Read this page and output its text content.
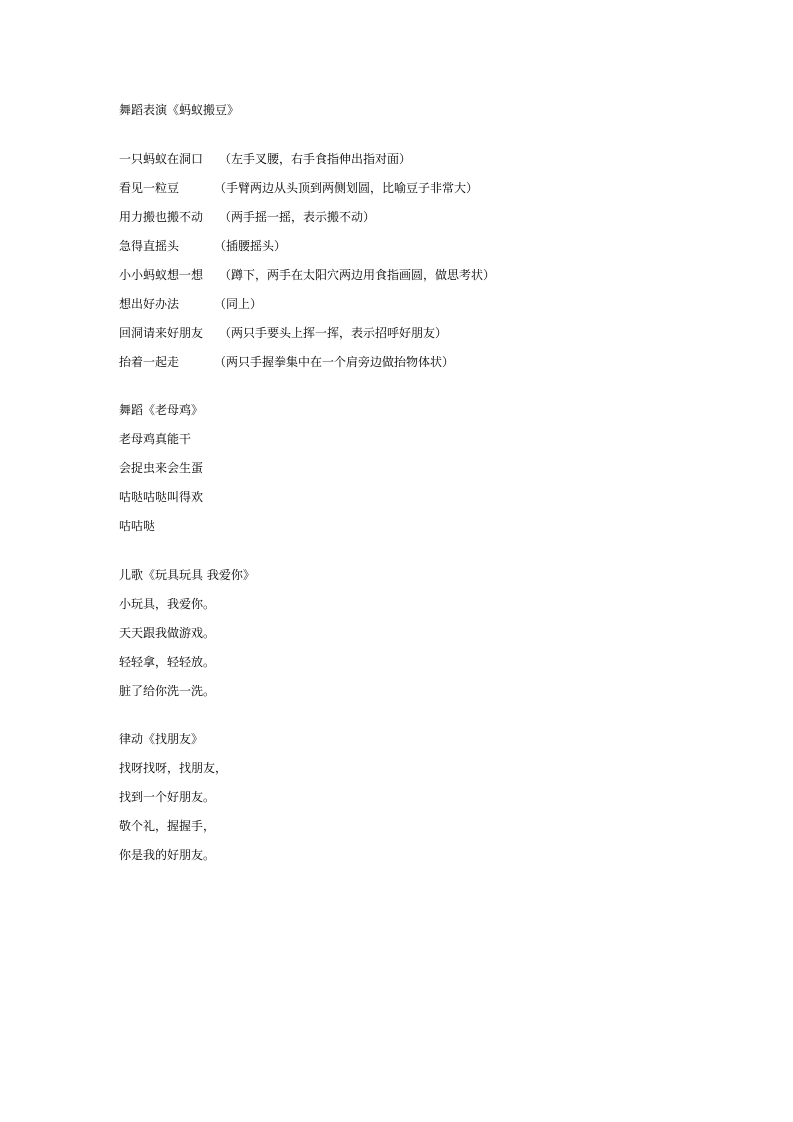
舞蹈表演《蚂蚁搬豆》
一只蚂蚁在洞口 （左手叉腰，右手食指伸出指对面）
看见一粒豆	（手臂两边从头顶到两侧划圆，比喻豆子非常大）
用力搬也搬不动 （两手摇一摇，表示搬不动）
急得直摇头	（插腰摇头）
小小蚂蚁想一想 （蹲下，两手在太阳穴两边用食指画圆，做思考状）
想出好办法	（同上）
回洞请来好朋友 （两只手要头上挥一挥，表示招呼好朋友）
抬着一起走	（两只手握拳集中在一个肩旁边做抬物体状）
舞蹈《老母鸡》
老母鸡真能干
会捉虫来会生蛋
咕哒咕哒叫得欢
咕咕哒
儿歌《玩具玩具 我爱你》
小玩具，我爱你。
天天跟我做游戏。
轻轻拿，轻轻放。
脏了给你洗一洗。
律动《找朋友》
找呀找呀，找朋友，
找到一个好朋友。
敬个礼，握握手，
你是我的好朋友。
